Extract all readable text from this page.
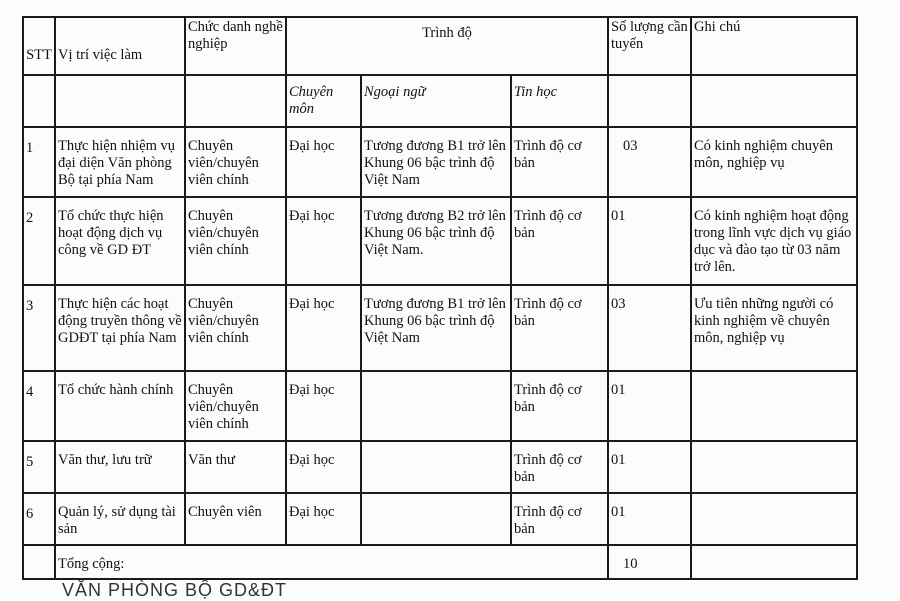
STT	Vị trí việc làm	Chức danh nghề nghiệp	Trình độ			Số lượng cần tuyển	Ghi chú
			Chuyên môn	Ngoại ngữ	Tin học		
1	Thực hiện nhiệm vụ đại diện Văn phòng Bộ tại phía Nam	Chuyên viên/chuyên viên chính	Đại học	Tương đương B1 trở lên Khung 06 bậc trình độ Việt Nam	Trình độ cơ bản	03	Có kinh nghiệm chuyên môn, nghiệp vụ
2	Tổ chức thực hiện hoạt động dịch vụ công về GD ĐT	Chuyên viên/chuyên viên chính	Đại học	Tương đương B2 trở lên Khung 06 bậc trình độ Việt Nam.	Trình độ cơ bản	01	Có kinh nghiệm hoạt động trong lĩnh vực dịch vụ giáo dục và đào tạo từ 03 năm trở lên.
3	Thực hiện các hoạt động truyền thông về GDĐT tại phía Nam	Chuyên viên/chuyên viên chính	Đại học	Tương đương B1 trở lên Khung 06 bậc trình độ Việt Nam	Trình độ cơ bản	03	Ưu tiên những người có kinh nghiệm về chuyên môn, nghiệp vụ
4	Tổ chức hành chính	Chuyên viên/chuyên viên chính	Đại học		Trình độ cơ bản	01	
5	Văn thư, lưu trữ	Văn thư	Đại học		Trình độ cơ bản	01	
6	Quản lý, sử dụng tài sản	Chuyên viên	Đại học		Trình độ cơ bản	01	
	Tổng cộng:					10	
VĂN PHÒNG BỘ GD&ĐT
